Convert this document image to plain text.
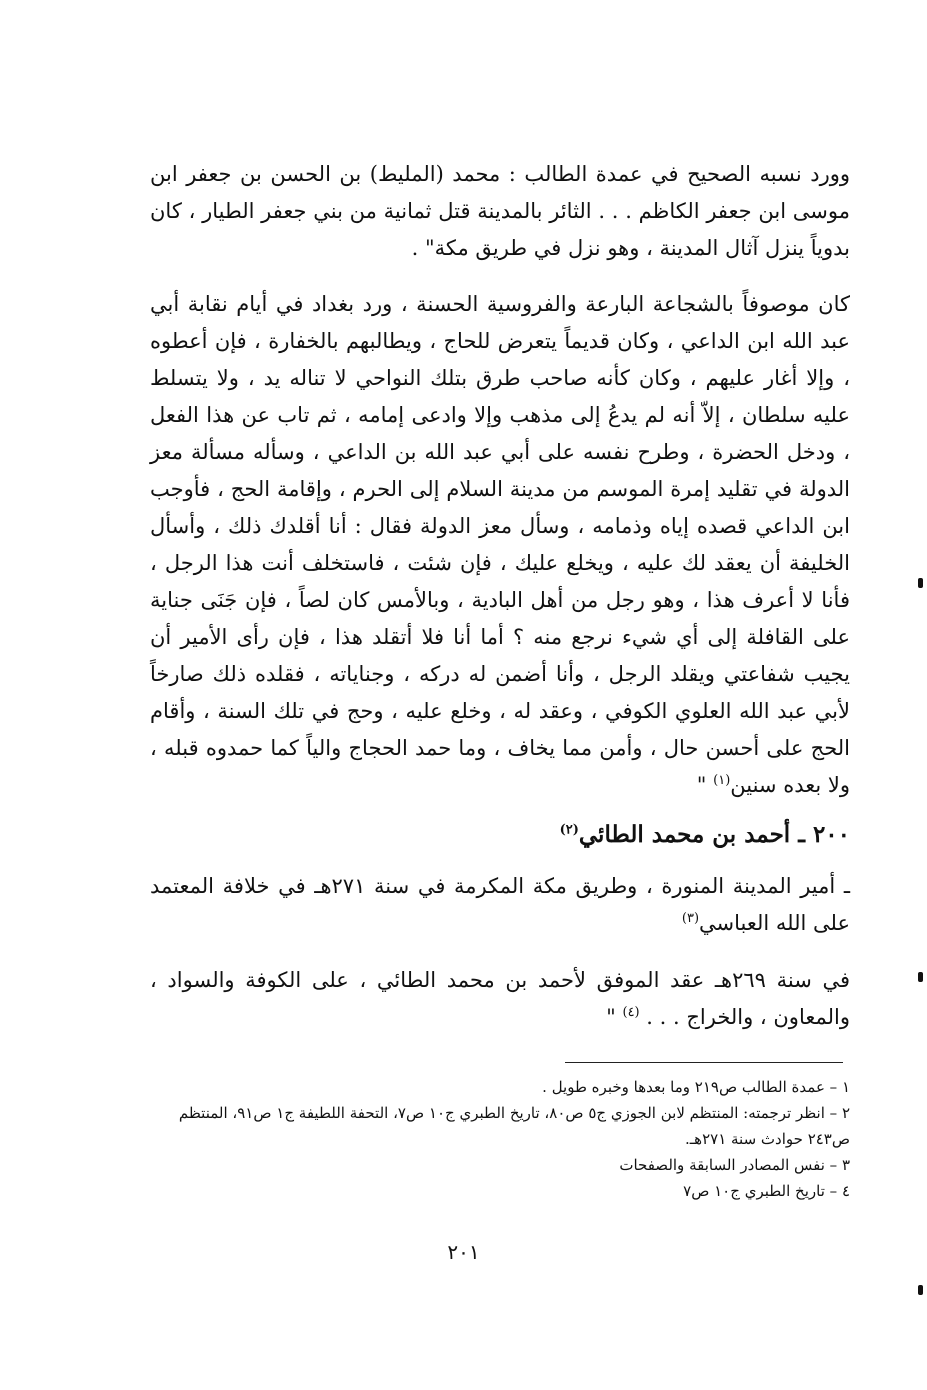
وورد نسبه الصحيح في عمدة الطالب : محمد (المليط) بن الحسن بن جعفر ابن موسى ابن جعفر الكاظم . . . الثائر بالمدينة قتل ثمانية من بني جعفر الطيار ، كان بدوياً ينزل آثال المدينة ، وهو نزل في طريق مكة" .

كان موصوفاً بالشجاعة البارعة والفروسية الحسنة ، ورد بغداد في أيام نقابة أبي عبد الله ابن الداعي ، وكان قديماً يتعرض للحاج ، ويطالبهم بالخفارة ، فإن أعطوه ، وإلا أغار عليهم ، وكان كأنه صاحب طرق بتلك النواحي لا تناله يد ، ولا يتسلط عليه سلطان ، إلاّ أنه لم يدعُ إلى مذهب وإلا وادعى إمامه ، ثم تاب عن هذا الفعل ، ودخل الحضرة ، وطرح نفسه على أبي عبد الله بن الداعي ، وسأله مسألة معز الدولة في تقليد إمرة الموسم من مدينة السلام إلى الحرم ، وإقامة الحج ، فأوجب ابن الداعي قصده إياه وذمامه ، وسأل معز الدولة فقال : أنا أقلدك ذلك ، وأسأل الخليفة أن يعقد لك عليه ، ويخلع عليك ، فإن شئت ، فاستخلف أنت هذا الرجل ، فأنا لا أعرف هذا ، وهو رجل من أهل البادية ، وبالأمس كان لصاً ، فإن جَنَى جناية على القافلة إلى أي شيء نرجع منه ؟ أما أنا فلا أتقلد هذا ، فإن رأى الأمير أن يجيب شفاعتي ويقلد الرجل ، وأنا أضمن له دركه ، وجناياته ، فقلده ذلك صارخاً لأبي عبد الله العلوي الكوفي ، وعقد له ، وخلع عليه ، وحج في تلك السنة ، وأقام الحج على أحسن حال ، وأمن مما يخاف ، وما حمد الحجاج والياً كما حمدوه قبله ، ولا بعده سنين$^{(١)}$ "

٢٠٠ ـ أحمد بن محمد الطائي$^{(٢)}$

ـ أمير المدينة المنورة ، وطريق مكة المكرمة في سنة ٢٧١هـ في خلافة المعتمد على الله العباسي$^{(٣)}$

في سنة ٢٦٩هـ عقد الموفق لأحمد بن محمد الطائي ، على الكوفة والسواد ، والمعاون ، والخراج . . . $^{(٤)}$ "

١ – عمدة الطالب ص٢١٩ وما بعدها وخبره طويل .

٢ – انظر ترجمته: المنتظم لابن الجوزي ج٥ ص٨٠، تاريخ الطبري ج١٠ ص٧، التحفة اللطيفة ج١ ص٩١، المنتظم ص٢٤٣ حوادث سنة ٢٧١هـ.

٣ – نفس المصادر السابقة والصفحات

٤ – تاريخ الطبري ج١٠ ص٧

٢٠١
